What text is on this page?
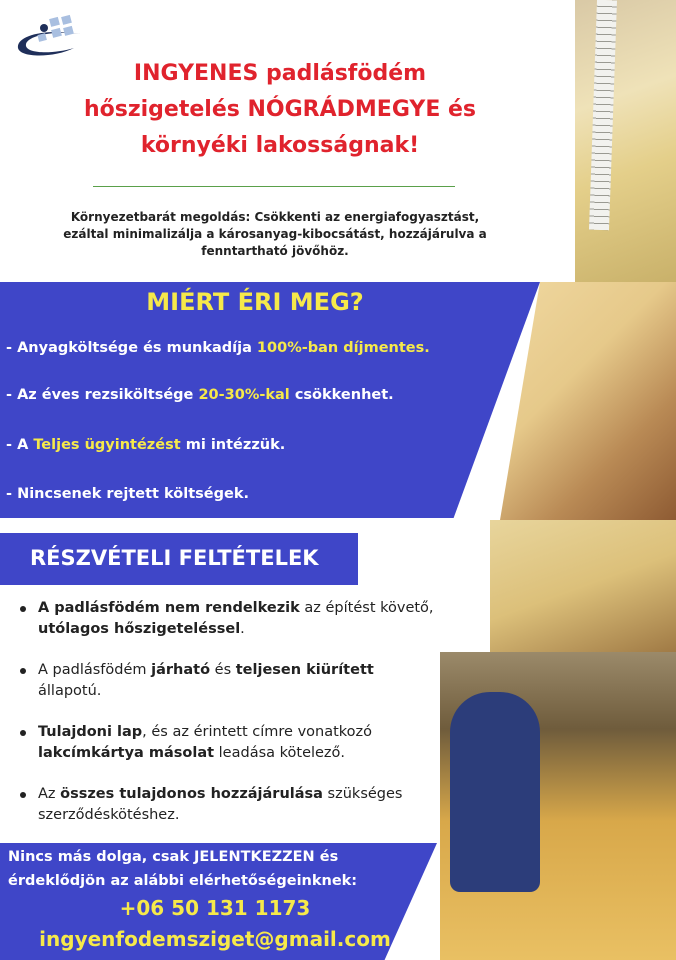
INGYENES padlásfödém
hőszigetelés NÓGRÁDMEGYE és
környéki lakosságnak!
Környezetbarát megoldás: Csökkenti az energiafogyasztást, ezáltal minimalizálja a károsanyag-kibocsátást, hozzájárulva a fenntartható jövőhöz.
MIÉRT ÉRI MEG?
- Anyagköltsége és munkadíja 100%-ban díjmentes.
- Az éves rezsiköltsége 20-30%-kal csökkenhet.
- A Teljes ügyintézést mi intézzük.
- Nincsenek rejtett költségek.
RÉSZVÉTELI FELTÉTELEK
A padlásfödém nem rendelkezik az építést követő, utólagos hőszigeteléssel.
A padlásfödém járható és teljesen kiürített állapotú.
Tulajdoni lap, és az érintett címre vonatkozó lakcímkártya másolat leadása kötelező.
Az összes tulajdonos hozzájárulása szükséges szerződéskötéshez.
Nincs más dolga, csak JELENTKEZZEN és érdeklődjön az alábbi elérhetőségeinknek:
+06 50 131 1173
ingyenfodemsziget@gmail.com
